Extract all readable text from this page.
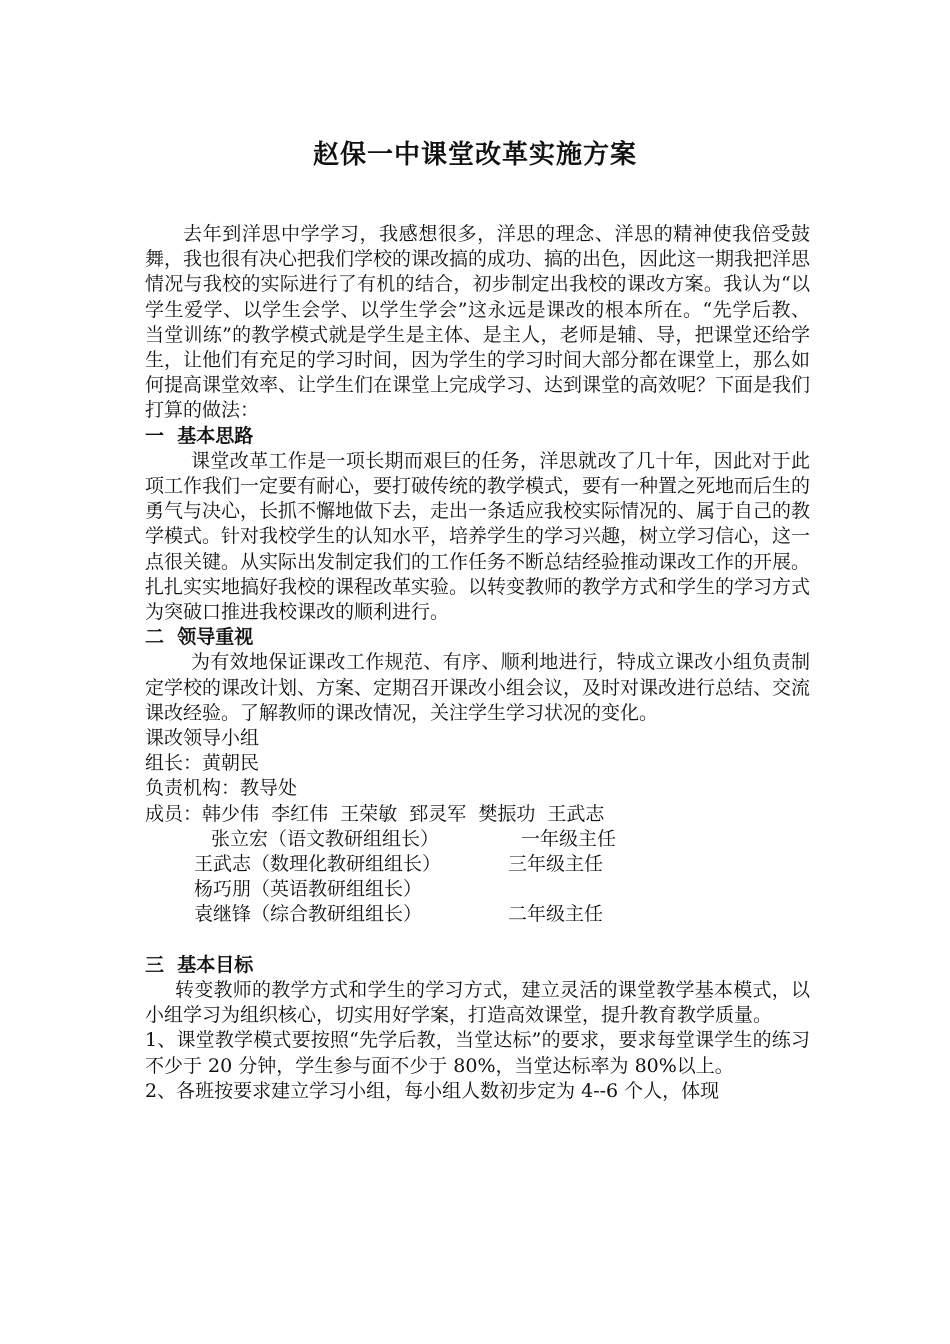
赵保一中课堂改革实施方案

去年到洋思中学学习，我感想很多，洋思的理念、洋思的精神使我倍受鼓舞，我也很有决心把我们学校的课改搞的成功、搞的出色，因此这一期我把洋思情况与我校的实际进行了有机的结合，初步制定出我校的课改方案。我认为“以学生爱学、以学生会学、以学生学会”这永远是课改的根本所在。“先学后教、当堂训练”的教学模式就是学生是主体、是主人，老师是辅、导，把课堂还给学生，让他们有充足的学习时间，因为学生的学习时间大部分都在课堂上，那么如何提高课堂效率、让学生们在课堂上完成学习、达到课堂的高效呢？下面是我们打算的做法：

一  基本思路

课堂改革工作是一项长期而艰巨的任务，洋思就改了几十年，因此对于此项工作我们一定要有耐心，要打破传统的教学模式，要有一种置之死地而后生的勇气与决心，长抓不懈地做下去，走出一条适应我校实际情况的、属于自己的教学模式。针对我校学生的认知水平，培养学生的学习兴趣，树立学习信心，这一点很关键。从实际出发制定我们的工作任务不断总结经验推动课改工作的开展。扎扎实实地搞好我校的课程改革实验。以转变教师的教学方式和学生的学习方式为突破口推进我校课改的顺利进行。

二  领导重视

为有效地保证课改工作规范、有序、顺利地进行，特成立课改小组负责制定学校的课改计划、方案、定期召开课改小组会议，及时对课改进行总结、交流课改经验。了解教师的课改情况，关注学生学习状况的变化。

课改领导小组

组长：黄朝民

负责机构：教导处

成员：韩少伟  李红伟  王荣敏  郅灵军  樊振功  王武志

张立宏（语文教研组组长）	一年级主任
王武志（数理化教研组组长）	三年级主任
杨巧朋（英语教研组组长）
袁继锋（综合教研组组长）	二年级主任

三  基本目标

转变教师的教学方式和学生的学习方式，建立灵活的课堂教学基本模式，以小组学习为组织核心，切实用好学案，打造高效课堂，提升教育教学质量。

1、课堂教学模式要按照“先学后教，当堂达标”的要求，要求每堂课学生的练习不少于 20 分钟，学生参与面不少于 80%，当堂达标率为 80%以上。

2、各班按要求建立学习小组，每小组人数初步定为 4--6 个人，体现
